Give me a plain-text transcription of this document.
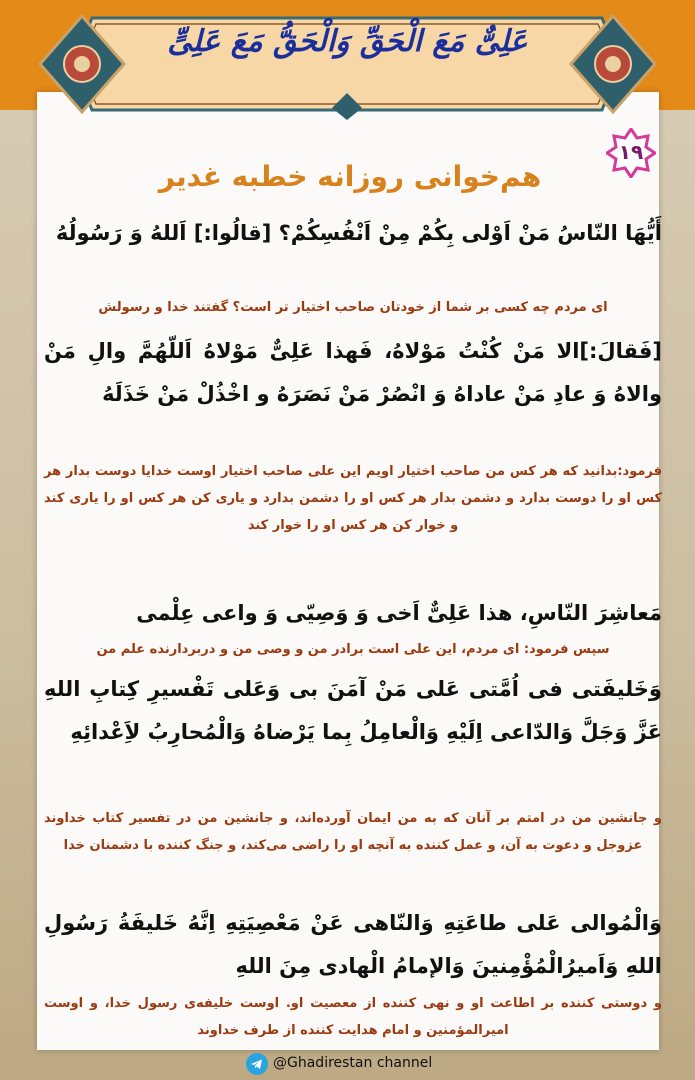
عَلِیٌّ مَعَ الْحَقِّ وَالْحَقُّ مَعَ عَلِیٍّ
۱۹
هم‌خوانی روزانه خطبه غدیر
أَیُّهَا النّاسُ مَنْ اَوْلی بِکُمْ مِنْ اَنْفُسِکُمْ؟ [قالُوا:] اَللهُ وَ رَسُولُهُ
ای مردم چه کسی بر شما از خودتان صاحب اختیار تر است؟ گفتند خدا و رسولش
[فَقالَ:]الا مَنْ کُنْتُ مَوْلاهُ، فَهذا عَلِیٌّ مَوْلاهُ اَللّهُمَّ والِ مَنْ والاهُ وَ عادِ مَنْ عاداهُ وَ انْصُرْ مَنْ نَصَرَهُ و اخْذُلْ مَنْ خَذَلَهُ
فرمود:بدانید که هر کس من صاحب اختیار اویم این علی صاحب اختیار اوست خدایا دوست بدار هر کس او را دوست بدارد و دشمن بدار هر کس او را دشمن بدارد و یاری کن هر کس او را یاری کند و خوار کن هر کس او را خوار کند
مَعاشِرَ النّاسِ، هذا عَلِیٌّ اَخی وَ وَصِیّی وَ واعی عِلْمی
سپس فرمود: ای مردم، این علی است برادر من و وصی من و دربردارنده علم من
وَخَلیفَتی فی اُمَّتی عَلی مَنْ آمَنَ بی وَعَلی تَفْسیرِ کِتابِ اللهِ عَزَّ وَجَلَّ وَالدّاعی اِلَیْهِ وَالْعامِلُ بِما یَرْضاهُ وَالْمُحارِبُ لاَِعْدائِهِ
و جانشین من در امتم بر آنان که به من ایمان آورده‌اند، و جانشین من در تفسیر کتاب خداوند عزوجل و دعوت به آن، و عمل کننده به آنچه او را راضی می‌کند، و جنگ کننده با دشمنان خدا
وَالْمُوالی عَلی طاعَتِهِ وَالنّاهی عَنْ مَعْصِیَتِهِ اِنَّهُ خَلیفَةُ رَسُولِ اللهِ وَاَمیرُالْمُؤْمِنینَ وَالإمامُ الْهادی مِنَ اللهِ
و دوستی کننده بر اطاعت او و نهی کننده از معصیت او. اوست خلیفه‌ی رسول خدا، و اوست امیرالمؤمنین و امام هدایت کننده از طرف خداوند
@Ghadirestan channel
